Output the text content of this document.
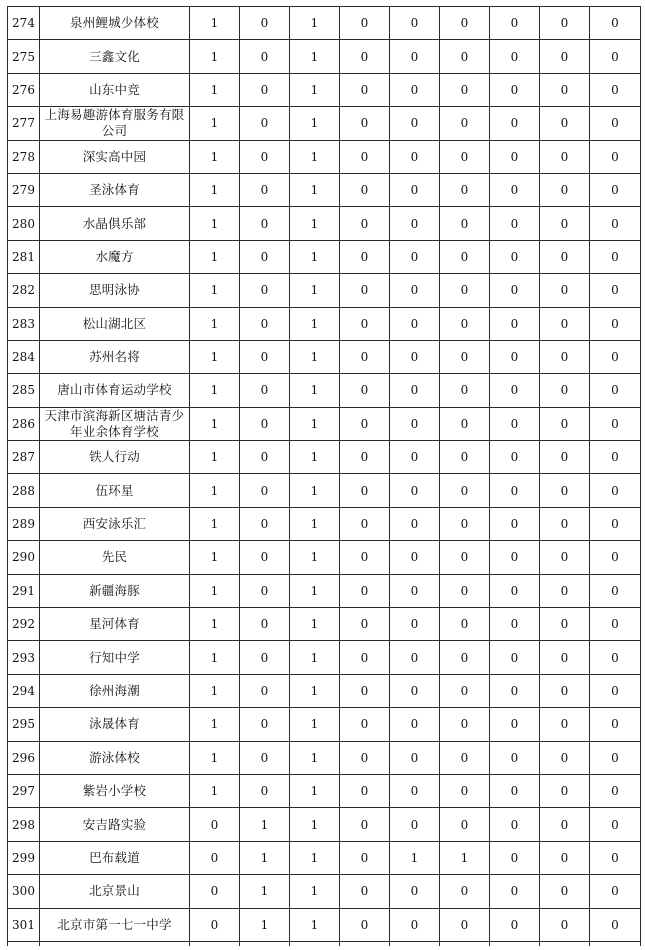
274	泉州鲤城少体校	1	0	1	0	0	0	0	0	0
275	三鑫文化	1	0	1	0	0	0	0	0	0
276	山东中竞	1	0	1	0	0	0	0	0	0
277	上海易趣游体育服务有限公司	1	0	1	0	0	0	0	0	0
278	深实高中园	1	0	1	0	0	0	0	0	0
279	圣泳体育	1	0	1	0	0	0	0	0	0
280	水晶俱乐部	1	0	1	0	0	0	0	0	0
281	水魔方	1	0	1	0	0	0	0	0	0
282	思明泳协	1	0	1	0	0	0	0	0	0
283	松山湖北区	1	0	1	0	0	0	0	0	0
284	苏州名将	1	0	1	0	0	0	0	0	0
285	唐山市体育运动学校	1	0	1	0	0	0	0	0	0
286	天津市滨海新区塘沽青少年业余体育学校	1	0	1	0	0	0	0	0	0
287	铁人行动	1	0	1	0	0	0	0	0	0
288	伍环星	1	0	1	0	0	0	0	0	0
289	西安泳乐汇	1	0	1	0	0	0	0	0	0
290	先民	1	0	1	0	0	0	0	0	0
291	新疆海豚	1	0	1	0	0	0	0	0	0
292	星河体育	1	0	1	0	0	0	0	0	0
293	行知中学	1	0	1	0	0	0	0	0	0
294	徐州海潮	1	0	1	0	0	0	0	0	0
295	泳晟体育	1	0	1	0	0	0	0	0	0
296	游泳体校	1	0	1	0	0	0	0	0	0
297	紫岩小学校	1	0	1	0	0	0	0	0	0
298	安吉路实验	0	1	1	0	0	0	0	0	0
299	巴布载道	0	1	1	0	1	1	0	0	0
300	北京景山	0	1	1	0	0	0	0	0	0
301	北京市第一七一中学	0	1	1	0	0	0	0	0	0
